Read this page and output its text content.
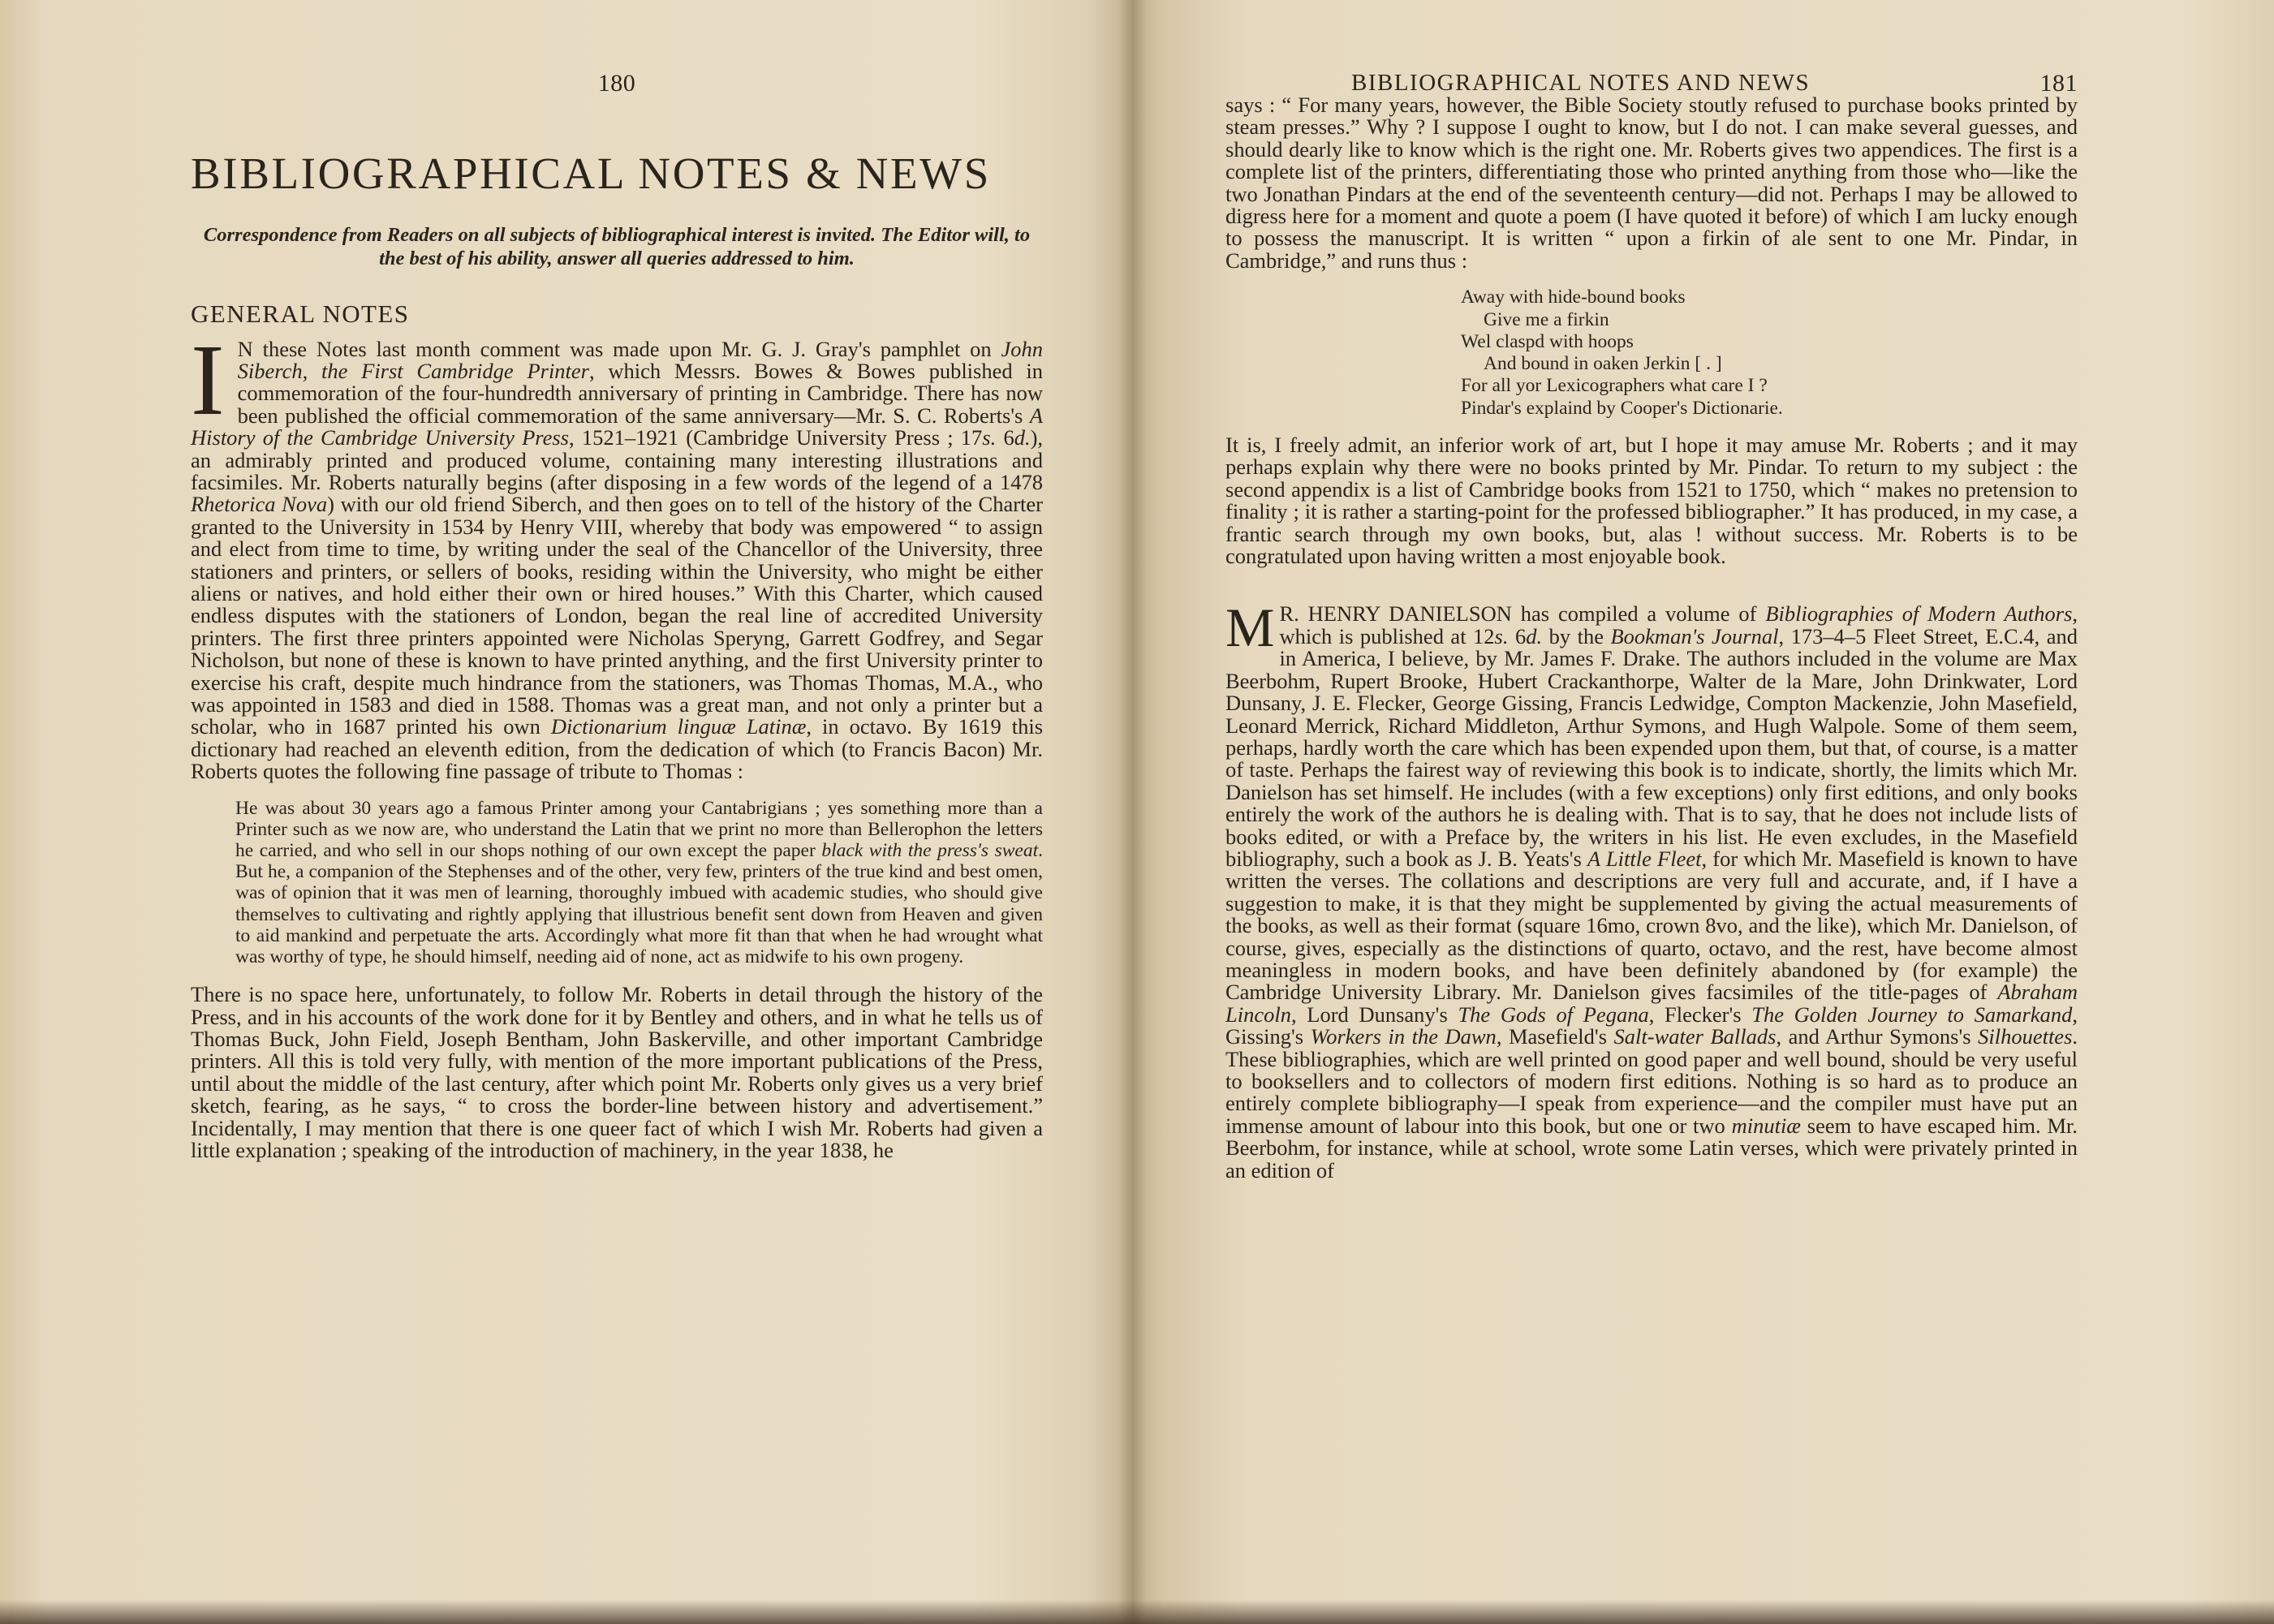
180
BIBLIOGRAPHICAL NOTES & NEWS

Correspondence from Readers on all subjects of bibliographical interest is invited. The Editor will, to the best of his ability, answer all queries addressed to him.

GENERAL NOTES

I N these Notes last month comment was made upon Mr. G. J. Gray's pamphlet on John Siberch, the First Cambridge Printer, which Messrs. Bowes & Bowes published in commemoration of the four-hundredth anniversary of printing in Cambridge. There has now been published the official commemoration of the same anniversary—Mr. S. C. Roberts's A History of the Cambridge University Press, 1521–1921 (Cambridge University Press ; 17s. 6d.), an admirably printed and produced volume, containing many interesting illustrations and facsimiles. Mr. Roberts naturally begins (after disposing in a few words of the legend of a 1478 Rhetorica Nova) with our old friend Siberch, and then goes on to tell of the history of the Charter granted to the University in 1534 by Henry VIII, whereby that body was empowered “ to assign and elect from time to time, by writing under the seal of the Chancellor of the University, three stationers and printers, or sellers of books, residing within the University, who might be either aliens or natives, and hold either their own or hired houses.” With this Charter, which caused endless disputes with the stationers of London, began the real line of accredited University printers. The first three printers appointed were Nicholas Speryng, Garrett Godfrey, and Segar Nicholson, but none of these is known to have printed anything, and the first University printer to exercise his craft, despite much hindrance from the stationers, was Thomas Thomas, M.A., who was appointed in 1583 and died in 1588. Thomas was a great man, and not only a printer but a scholar, who in 1687 printed his own Dictionarium linguæ Latinæ, in octavo. By 1619 this dictionary had reached an eleventh edition, from the dedication of which (to Francis Bacon) Mr. Roberts quotes the following fine passage of tribute to Thomas :

He was about 30 years ago a famous Printer among your Cantabrigians ; yes something more than a Printer such as we now are, who understand the Latin that we print no more than Bellerophon the letters he carried, and who sell in our shops nothing of our own except the paper black with the press's sweat. But he, a companion of the Stephenses and of the other, very few, printers of the true kind and best omen, was of opinion that it was men of learning, thoroughly imbued with academic studies, who should give themselves to cultivating and rightly applying that illustrious benefit sent down from Heaven and given to aid mankind and perpetuate the arts. Accordingly what more fit than that when he had wrought what was worthy of type, he should himself, needing aid of none, act as midwife to his own progeny.

There is no space here, unfortunately, to follow Mr. Roberts in detail through the history of the Press, and in his accounts of the work done for it by Bentley and others, and in what he tells us of Thomas Buck, John Field, Joseph Bentham, John Baskerville, and other important Cambridge printers. All this is told very fully, with mention of the more important publications of the Press, until about the middle of the last century, after which point Mr. Roberts only gives us a very brief sketch, fearing, as he says, “ to cross the border-line between history and advertisement.” Incidentally, I may mention that there is one queer fact of which I wish Mr. Roberts had given a little explanation ; speaking of the introduction of machinery, in the year 1838, he

BIBLIOGRAPHICAL NOTES AND NEWS	181

says : “ For many years, however, the Bible Society stoutly refused to purchase books printed by steam presses.” Why ? I suppose I ought to know, but I do not. I can make several guesses, and should dearly like to know which is the right one. Mr. Roberts gives two appendices. The first is a complete list of the printers, differentiating those who printed anything from those who—like the two Jonathan Pindars at the end of the seventeenth century—did not. Perhaps I may be allowed to digress here for a moment and quote a poem (I have quoted it before) of which I am lucky enough to possess the manuscript. It is written “ upon a firkin of ale sent to one Mr. Pindar, in Cambridge,” and runs thus :

Away with hide-bound books
Give me a firkin
Wel claspd with hoops
And bound in oaken Jerkin [ . ]
For all yor Lexicographers what care I ?
Pindar's explaind by Cooper's Dictionarie.

It is, I freely admit, an inferior work of art, but I hope it may amuse Mr. Roberts ; and it may perhaps explain why there were no books printed by Mr. Pindar. To return to my subject : the second appendix is a list of Cambridge books from 1521 to 1750, which “ makes no pretension to finality ; it is rather a starting-point for the professed bibliographer.” It has produced, in my case, a frantic search through my own books, but, alas ! without success. Mr. Roberts is to be congratulated upon having written a most enjoyable book.

M R. HENRY DANIELSON has compiled a volume of Bibliographies of Modern Authors, which is published at 12s. 6d. by the Bookman's Journal, 173–4–5 Fleet Street, E.C.4, and in America, I believe, by Mr. James F. Drake. The authors included in the volume are Max Beerbohm, Rupert Brooke, Hubert Crackanthorpe, Walter de la Mare, John Drinkwater, Lord Dunsany, J. E. Flecker, George Gissing, Francis Ledwidge, Compton Mackenzie, John Masefield, Leonard Merrick, Richard Middleton, Arthur Symons, and Hugh Walpole. Some of them seem, perhaps, hardly worth the care which has been expended upon them, but that, of course, is a matter of taste. Perhaps the fairest way of reviewing this book is to indicate, shortly, the limits which Mr. Danielson has set himself. He includes (with a few exceptions) only first editions, and only books entirely the work of the authors he is dealing with. That is to say, that he does not include lists of books edited, or with a Preface by, the writers in his list. He even excludes, in the Masefield bibliography, such a book as J. B. Yeats's A Little Fleet, for which Mr. Masefield is known to have written the verses. The collations and descriptions are very full and accurate, and, if I have a suggestion to make, it is that they might be supplemented by giving the actual measurements of the books, as well as their format (square 16mo, crown 8vo, and the like), which Mr. Danielson, of course, gives, especially as the distinctions of quarto, octavo, and the rest, have become almost meaningless in modern books, and have been definitely abandoned by (for example) the Cambridge University Library. Mr. Danielson gives facsimiles of the title-pages of Abraham Lincoln, Lord Dunsany's The Gods of Pegana, Flecker's The Golden Journey to Samarkand, Gissing's Workers in the Dawn, Masefield's Salt-water Ballads, and Arthur Symons's Silhouettes. These bibliographies, which are well printed on good paper and well bound, should be very useful to booksellers and to collectors of modern first editions. Nothing is so hard as to produce an entirely complete bibliography—I speak from experience—and the compiler must have put an immense amount of labour into this book, but one or two minutiæ seem to have escaped him. Mr. Beerbohm, for instance, while at school, wrote some Latin verses, which were privately printed in an edition of
